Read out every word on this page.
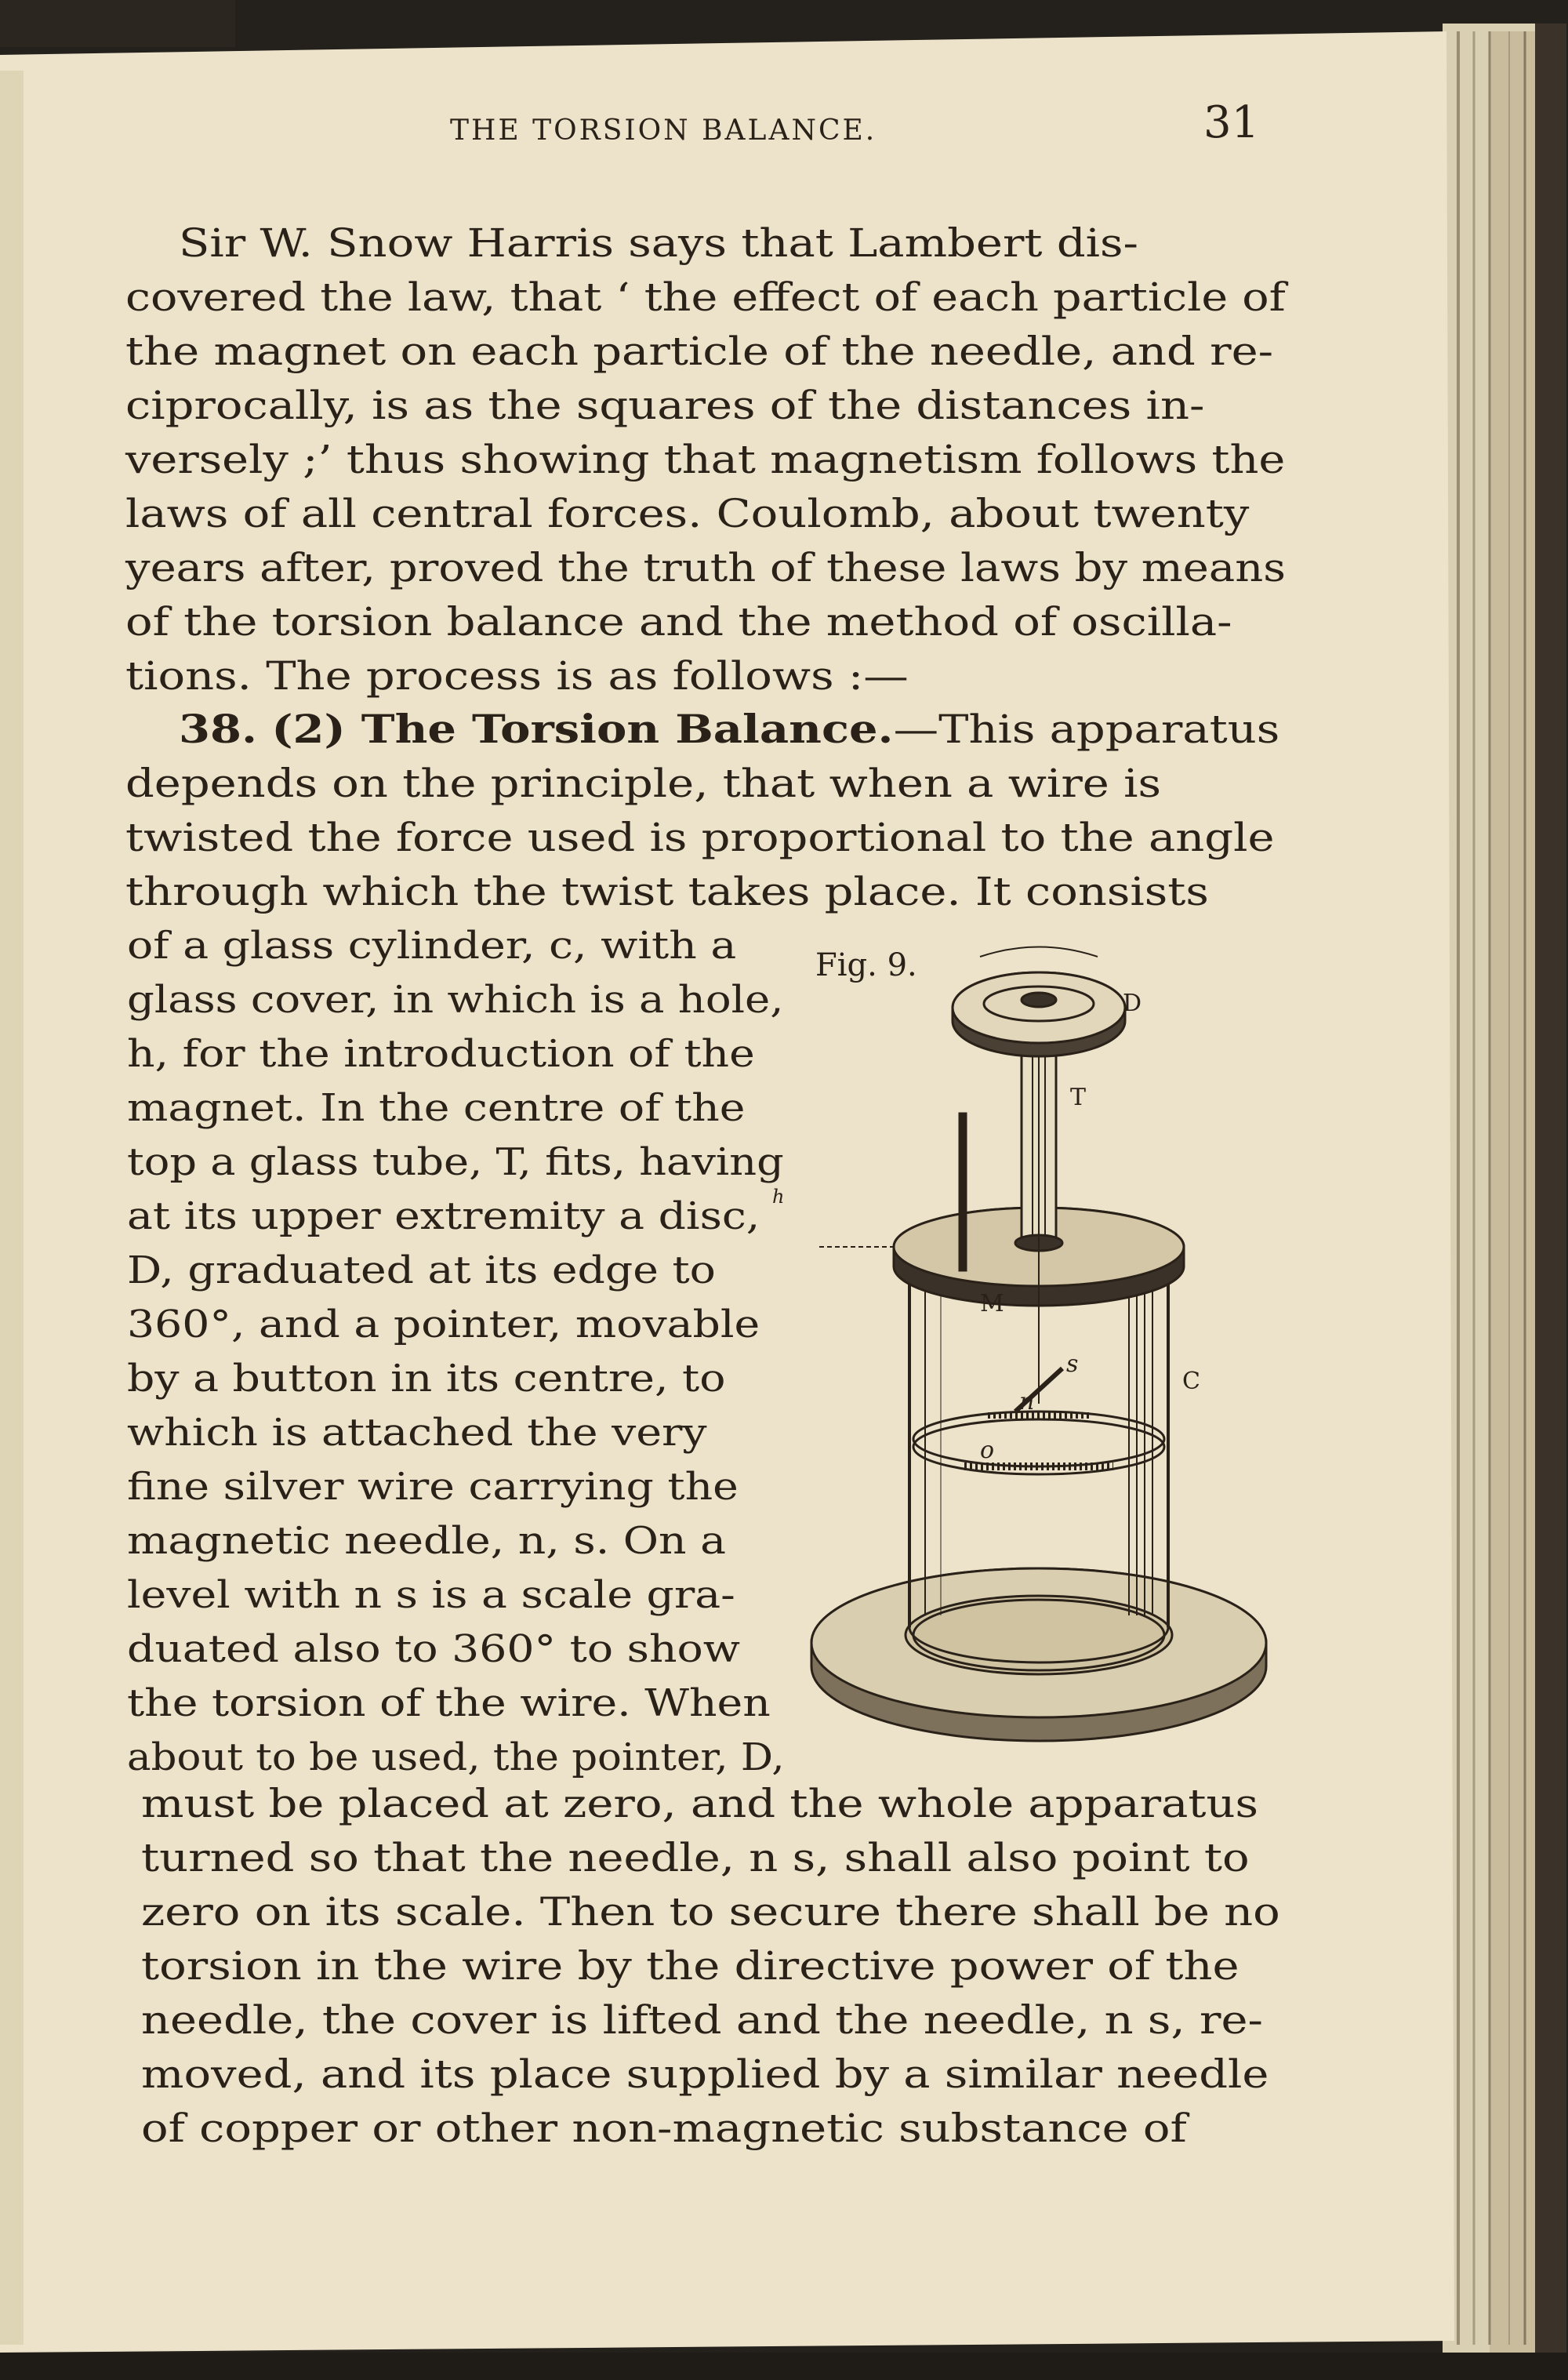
THE TORSION BALANCE.	31
Sir W. Snow Harris says that Lambert dis-
covered the law, that ‘ the effect of each particle of
the magnet on each particle of the needle, and re-
ciprocally, is as the squares of the distances in-
versely ;’ thus showing that magnetism follows the
laws of all central forces. Coulomb, about twenty
years after, proved the truth of these laws by means
of the torsion balance and the method of oscilla-
tions. The process is as follows :—
38. (2) The Torsion Balance.—This apparatus
depends on the principle, that when a wire is
twisted the force used is proportional to the angle
through which the twist takes place. It consists
of a glass cylinder, c, with a
glass cover, in which is a hole,
h, for the introduction of the
magnet. In the centre of the
top a glass tube, T, fits, having
at its upper extremity a disc,
D, graduated at its edge to
360°, and a pointer, movable
by a button in its centre, to
which is attached the very
fine silver wire carrying the
magnetic needle, n, s. On a
level with n s is a scale gra-
duated also to 360° to show
the torsion of the wire. When
about to be used, the pointer, D,
must be placed at zero, and the whole apparatus
turned so that the needle, n s, shall also point to
zero on its scale. Then to secure there shall be no
torsion in the wire by the directive power of the
needle, the cover is lifted and the needle, n s, re-
moved, and its place supplied by a similar needle
of copper or other non-magnetic substance of
Fig. 9.
D
T
h
M
s
n
o
C
